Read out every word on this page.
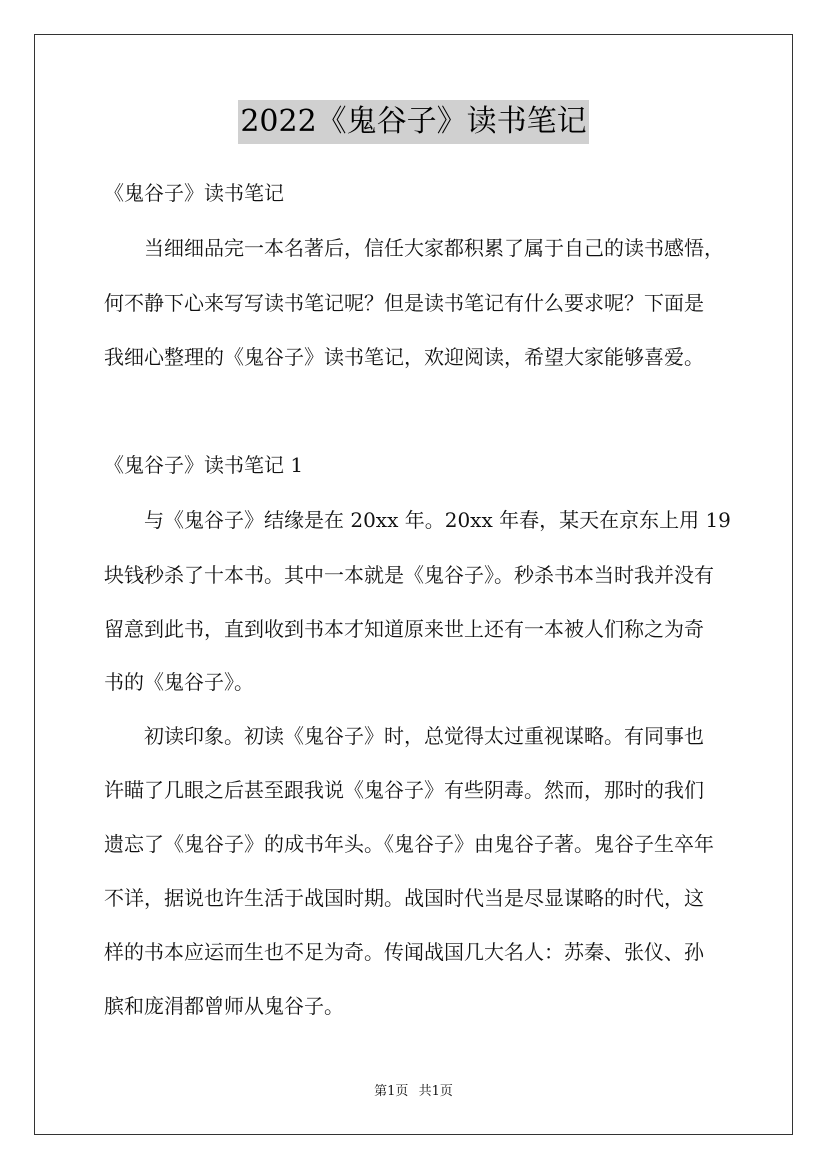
2022《鬼谷子》读书笔记
《鬼谷子》读书笔记
当细细品完一本名著后，信任大家都积累了属于自己的读书感悟，
何不静下心来写写读书笔记呢？但是读书笔记有什么要求呢？下面是
我细心整理的《鬼谷子》读书笔记，欢迎阅读，希望大家能够喜爱。
《鬼谷子》读书笔记 1
与《鬼谷子》结缘是在 20xx 年。20xx 年春，某天在京东上用 19
块钱秒杀了十本书。其中一本就是《鬼谷子》。秒杀书本当时我并没有
留意到此书，直到收到书本才知道原来世上还有一本被人们称之为奇
书的《鬼谷子》。
初读印象。初读《鬼谷子》时，总觉得太过重视谋略。有同事也
许瞄了几眼之后甚至跟我说《鬼谷子》有些阴毒。然而，那时的我们
遗忘了《鬼谷子》的成书年头。《鬼谷子》由鬼谷子著。鬼谷子生卒年
不详，据说也许生活于战国时期。战国时代当是尽显谋略的时代，这
样的书本应运而生也不足为奇。传闻战国几大名人：苏秦、张仪、孙
膑和庞涓都曾师从鬼谷子。
第1页 共1页
